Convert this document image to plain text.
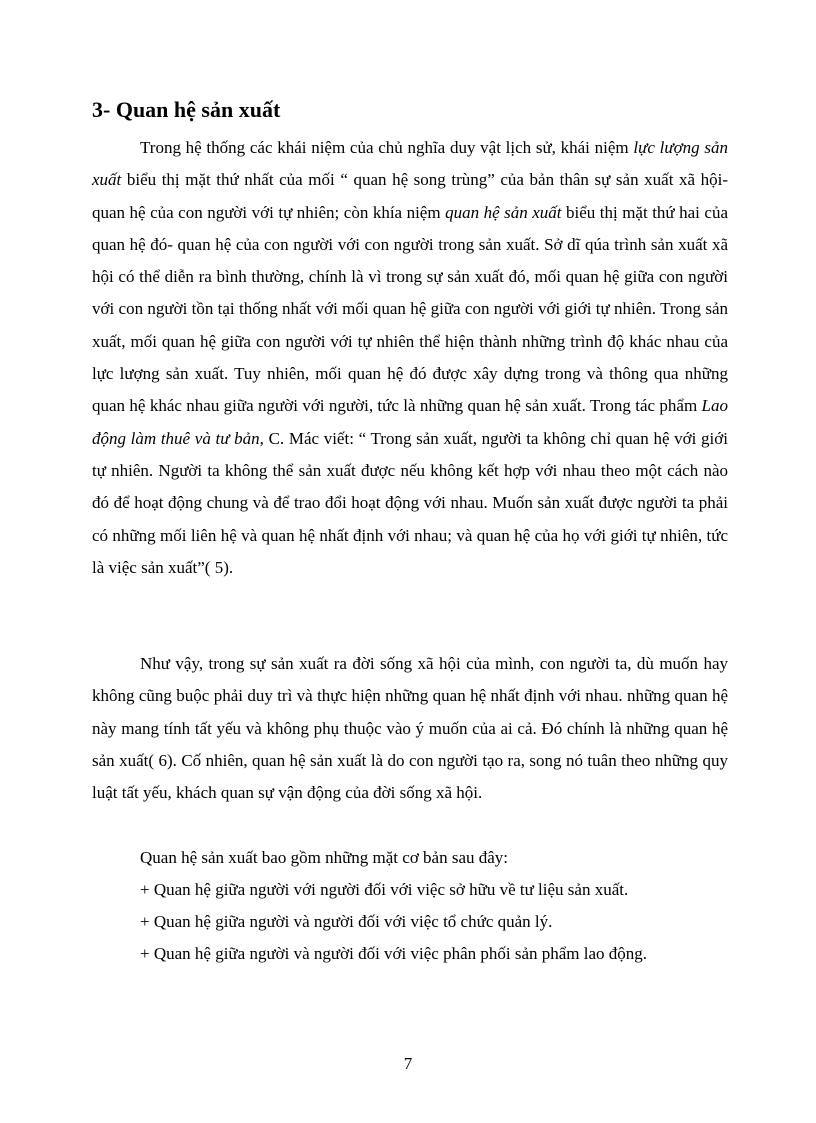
3- Quan hệ sản xuất

Trong hệ thống các khái niệm của chủ nghĩa duy vật lịch sử, khái niệm lực lượng sản xuất biểu thị mặt thứ nhất của mối “ quan hệ song trùng” của bản thân sự sản xuất xã hội- quan hệ của con người với tự nhiên; còn khía niệm quan hệ sản xuất biểu thị mặt thứ hai của quan hệ đó- quan hệ của con người với con người trong sản xuất. Sở dĩ qúa trình sản xuất xã hội có thể diễn ra bình thường, chính là vì trong sự sản xuất đó, mối quan hệ giữa con người với con người tồn tại thống nhất với mối quan hệ giữa con người với giới tự nhiên. Trong sản xuất, mối quan hệ giữa con người với tự nhiên thể hiện thành những trình độ khác nhau của lực lượng sản xuất. Tuy nhiên, mối quan hệ đó được xây dựng trong và thông qua những quan hệ khác nhau giữa người với người, tức là những quan hệ sản xuất. Trong tác phẩm Lao động làm thuê và tư bản, C. Mác viết: “ Trong sản xuất, người ta không chỉ quan hệ với giới tự nhiên. Người ta không thể sản xuất được nếu không kết hợp với nhau theo một cách nào đó để hoạt động chung và để trao đổi hoạt động với nhau. Muốn sản xuất được người ta phải có những mối liên hệ và quan hệ nhất định với nhau; và quan hệ của họ với giới tự nhiên, tức là việc sản xuất”( 5).

Như vậy, trong sự sản xuất ra đời sống xã hội của mình, con người ta, dù muốn hay không cũng buộc phải duy trì và thực hiện những quan hệ nhất định với nhau. những quan hệ này mang tính tất yếu và không phụ thuộc vào ý muốn của ai cả. Đó chính là những quan hệ sản xuất( 6). Cố nhiên, quan hệ sản xuất là do con người tạo ra, song nó tuân theo những quy luật tất yếu, khách quan sự vận động của đời sống xã hội.

Quan hệ sản xuất bao gồm những mặt cơ bản sau đây:

+ Quan hệ giữa người với người đối với việc sở hữu về tư liệu sản xuất.

+ Quan hệ giữa người và người đối với việc tổ chức quản lý.

+ Quan hệ giữa người và người đối với việc phân phối sản phẩm lao động.

7
